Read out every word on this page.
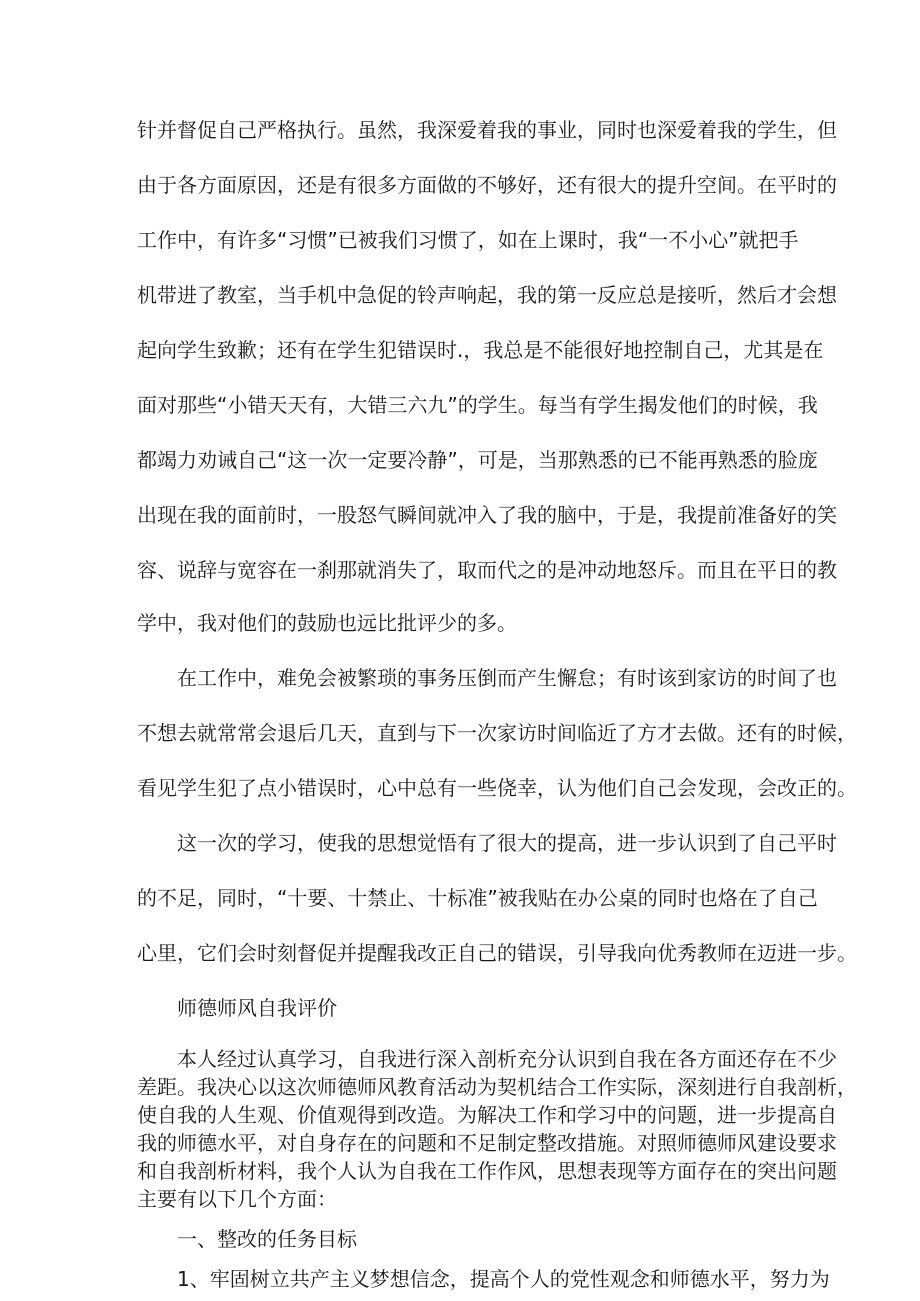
针并督促自己严格执行。虽然，我深爱着我的事业，同时也深爱着我的学生，但
由于各方面原因，还是有很多方面做的不够好，还有很大的提升空间。在平时的
工作中，有许多“习惯”已被我们习惯了，如在上课时，我“一不小心”就把手
机带进了教室，当手机中急促的铃声响起，我的第一反应总是接听，然后才会想
起向学生致歉；还有在学生犯错误时.，我总是不能很好地控制自己，尤其是在
面对那些“小错天天有，大错三六九”的学生。每当有学生揭发他们的时候，我
都竭力劝诫自己“这一次一定要冷静”，可是，当那熟悉的已不能再熟悉的脸庞
出现在我的面前时，一股怒气瞬间就冲入了我的脑中，于是，我提前准备好的笑
容、说辞与宽容在一刹那就消失了，取而代之的是冲动地怒斥。而且在平日的教
学中，我对他们的鼓励也远比批评少的多。
在工作中，难免会被繁琐的事务压倒而产生懈怠；有时该到家访的时间了也
不想去就常常会退后几天，直到与下一次家访时间临近了方才去做。还有的时候，
看见学生犯了点小错误时，心中总有一些侥幸，认为他们自己会发现，会改正的。
这一次的学习，使我的思想觉悟有了很大的提高，进一步认识到了自己平时
的不足，同时，“十要、十禁止、十标准”被我贴在办公桌的同时也烙在了自己
心里，它们会时刻督促并提醒我改正自己的错误，引导我向优秀教师在迈进一步。
师德师风自我评价
本人经过认真学习，自我进行深入剖析充分认识到自我在各方面还存在不少
差距。我决心以这次师德师风教育活动为契机结合工作实际，深刻进行自我剖析，
使自我的人生观、价值观得到改造。为解决工作和学习中的问题，进一步提高自
我的师德水平，对自身存在的问题和不足制定整改措施。对照师德师风建设要求
和自我剖析材料，我个人认为自我在工作作风，思想表现等方面存在的突出问题
主要有以下几个方面：
一、整改的任务目标
1、牢固树立共产主义梦想信念，提高个人的党性观念和师德水平，努力为
